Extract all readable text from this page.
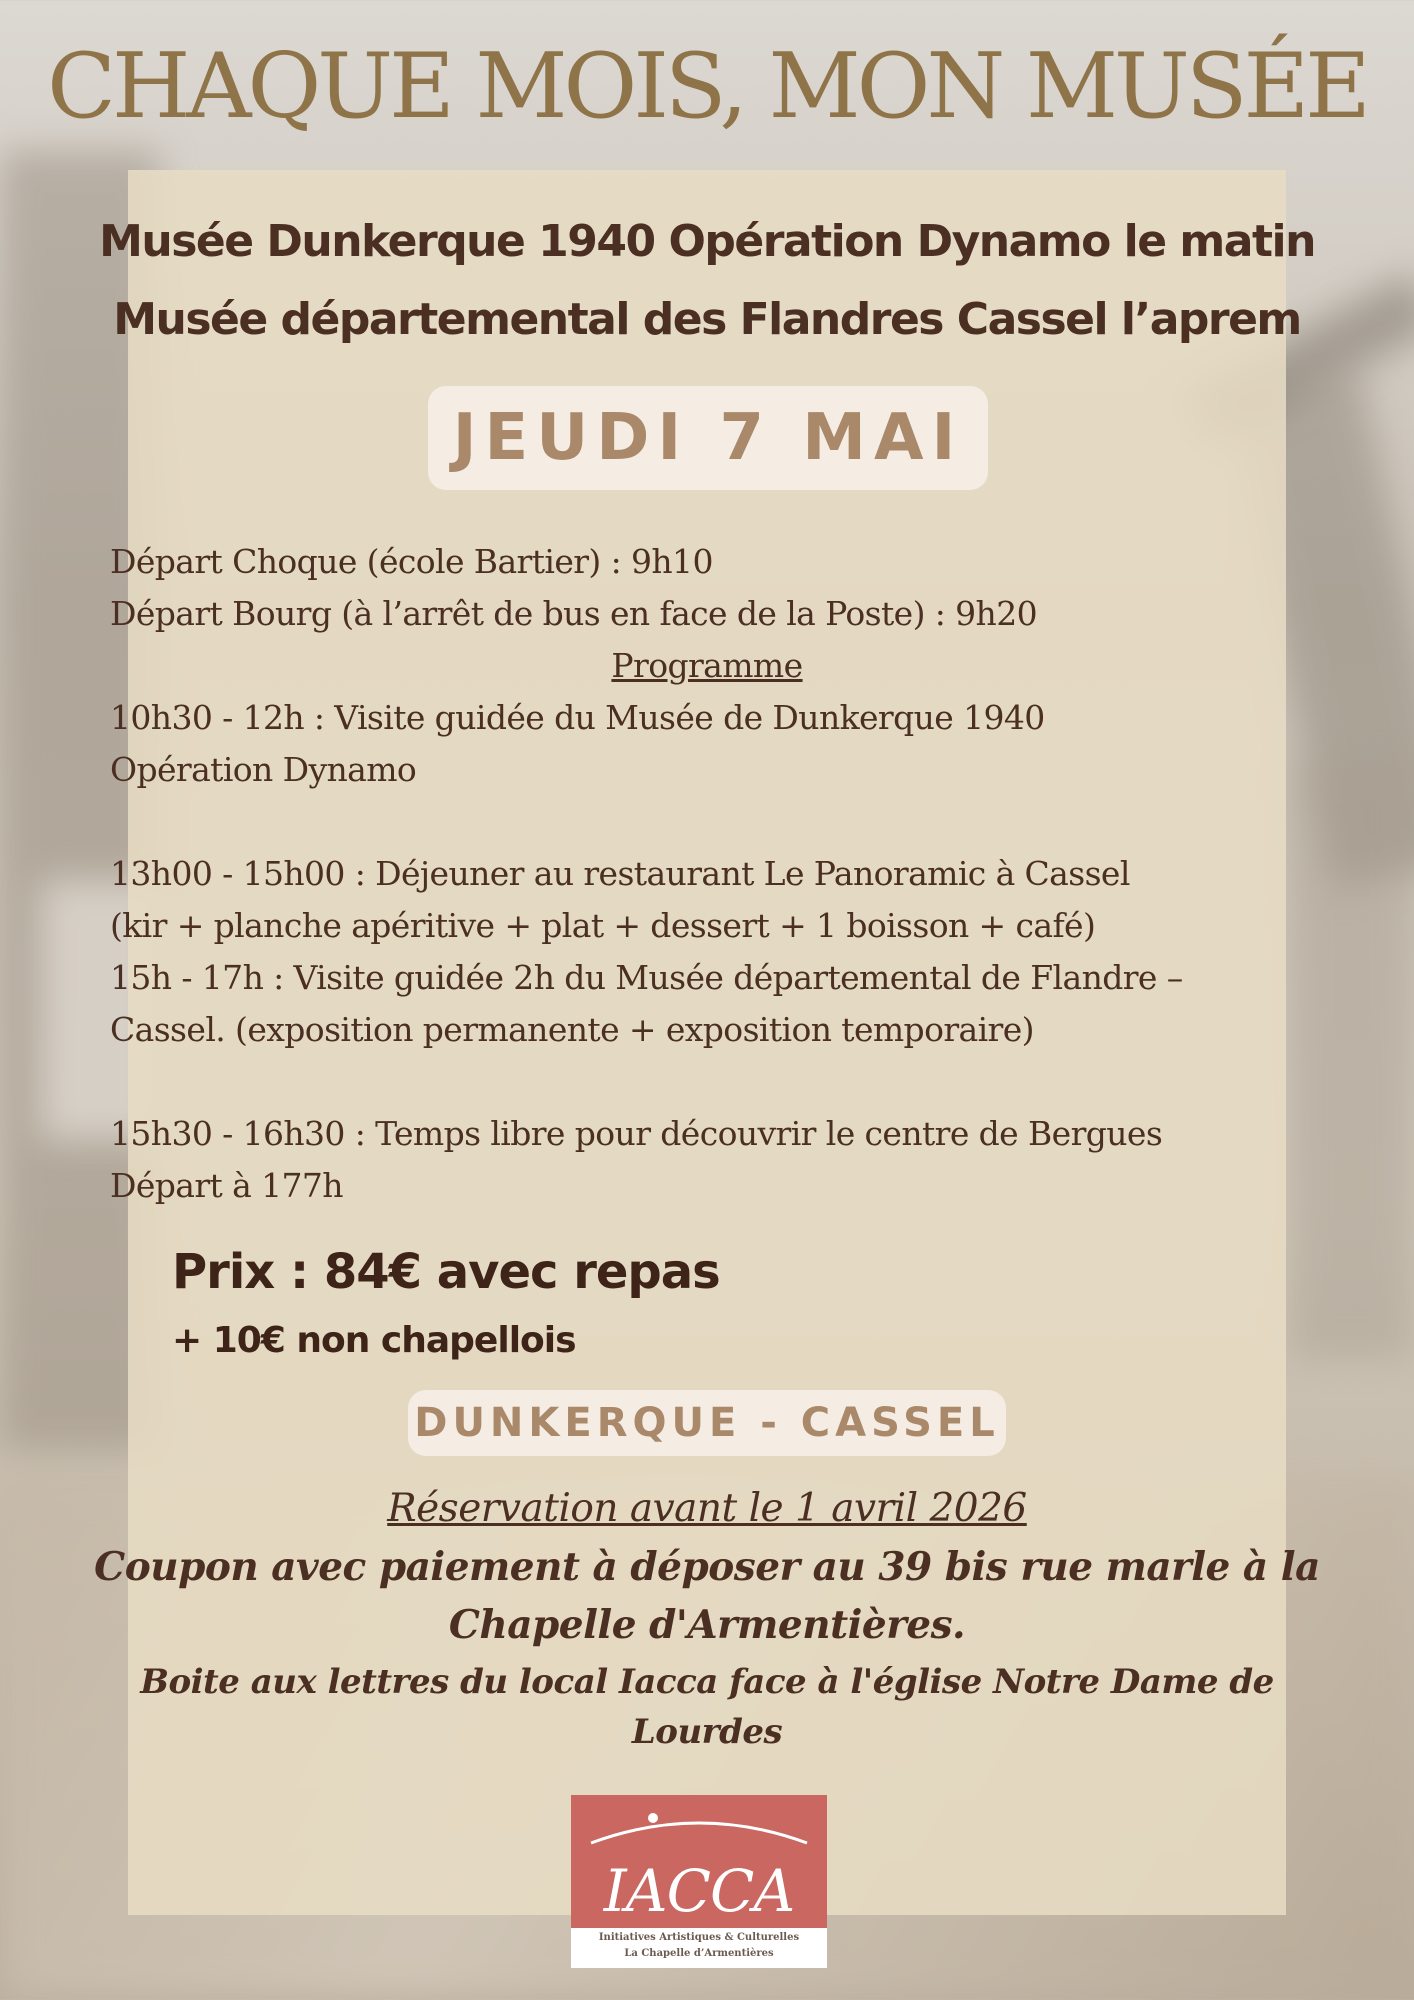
CHAQUE MOIS, MON MUSÉE
Musée Dunkerque 1940 Opération Dynamo le matin
Musée départemental des Flandres Cassel l’aprem
JEUDI 7 MAI

Départ Choque (école Bartier) : 9h10

Départ Bourg (à l’arrêt de bus en face de la Poste) : 9h20

Programme

10h30 - 12h : Visite guidée du Musée de Dunkerque 1940

Opération Dynamo

13h00 - 15h00 : Déjeuner au restaurant Le Panoramic à Cassel

(kir + planche apéritive + plat + dessert + 1 boisson + café)

15h - 17h : Visite guidée 2h du Musée départemental de Flandre –

Cassel. (exposition permanente + exposition temporaire)

15h30 - 16h30 : Temps libre pour découvrir le centre de Bergues

Départ à 177h

Prix : 84€ avec repas

+ 10€ non chapellois

DUNKERQUE - CASSEL

Réservation avant le 1 avril 2026

Coupon avec paiement à déposer au 39 bis rue marle à la

Chapelle d'Armentières.

Boite aux lettres du local Iacca face à l'église Notre Dame de

Lourdes

IACCA
Initiatives Artistiques & Culturelles
La Chapelle d’Armentières
